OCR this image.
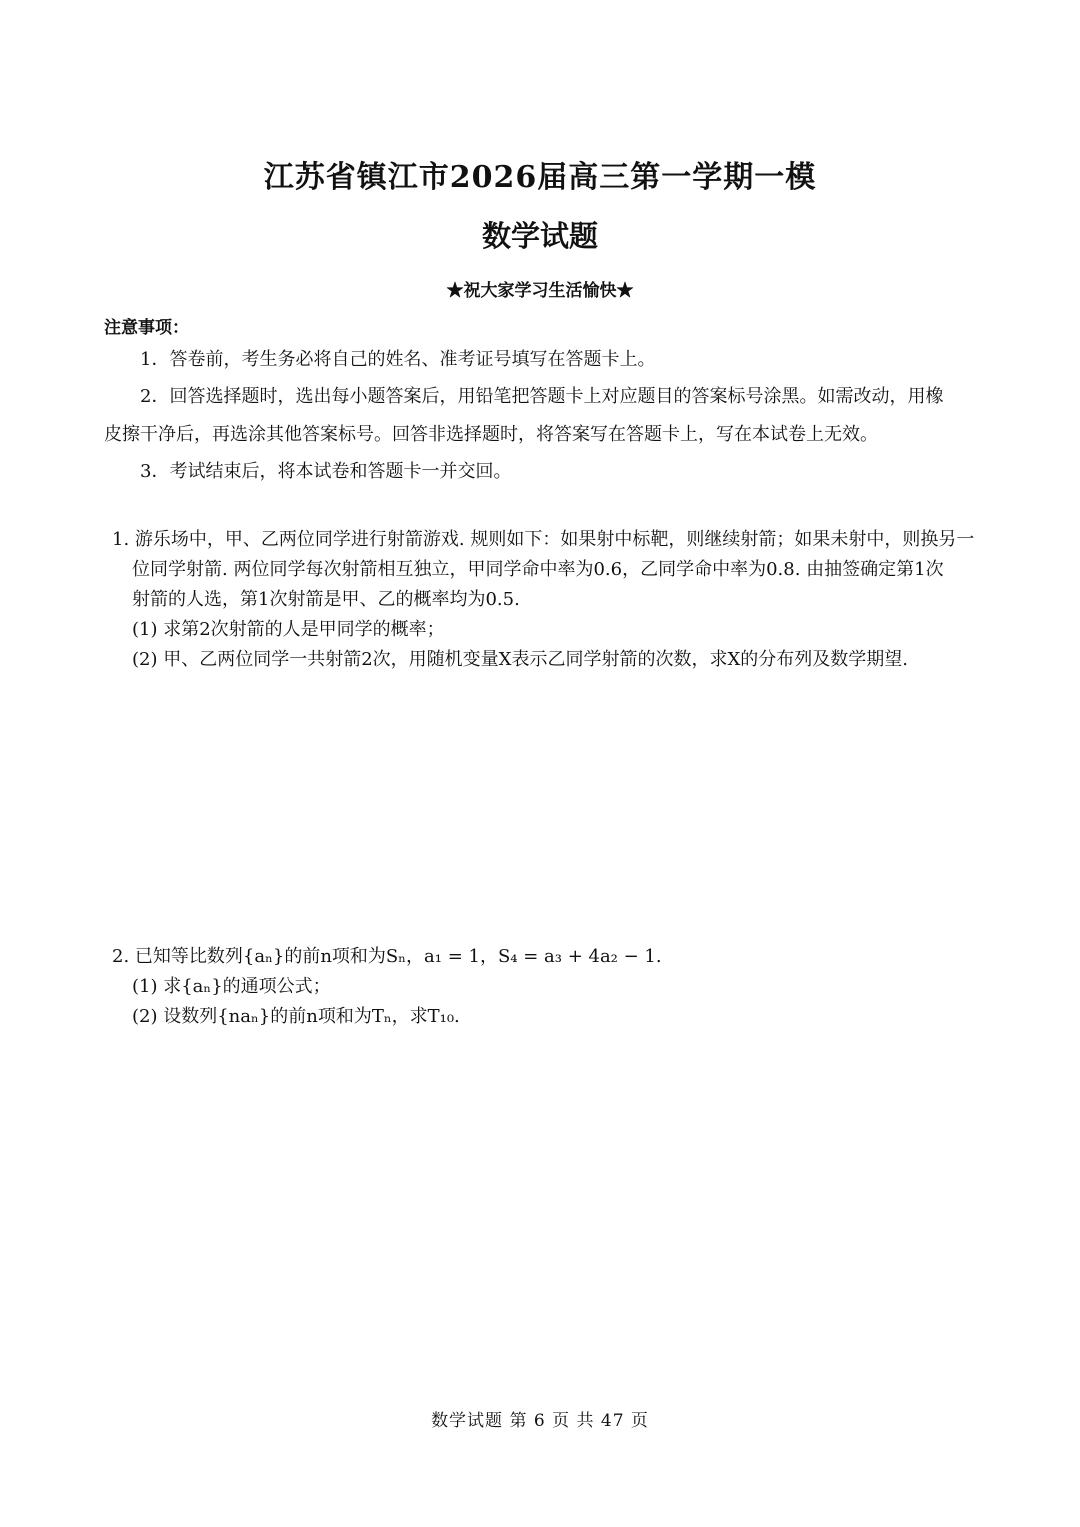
江苏省镇江市2026届高三第一学期一模
数学试题
★祝大家学习生活愉快★
注意事项：
1．答卷前，考生务必将自己的姓名、准考证号填写在答题卡上。
2．回答选择题时，选出每小题答案后，用铅笔把答题卡上对应题目的答案标号涂黑。如需改动，用橡
皮擦干净后，再选涂其他答案标号。回答非选择题时，将答案写在答题卡上，写在本试卷上无效。
3．考试结束后，将本试卷和答题卡一并交回。
1. 游乐场中，甲、乙两位同学进行射箭游戏. 规则如下：如果射中标靶，则继续射箭；如果未射中，则换另一
位同学射箭. 两位同学每次射箭相互独立，甲同学命中率为0.6，乙同学命中率为0.8. 由抽签确定第1次
射箭的人选，第1次射箭是甲、乙的概率均为0.5.
(1) 求第2次射箭的人是甲同学的概率；
(2) 甲、乙两位同学一共射箭2次，用随机变量X表示乙同学射箭的次数，求X的分布列及数学期望.
2. 已知等比数列{aₙ}的前n项和为Sₙ，a₁ = 1，S₄ = a₃ + 4a₂ − 1.
(1) 求{aₙ}的通项公式；
(2) 设数列{naₙ}的前n项和为Tₙ，求T₁₀.
数学试题 第 6 页 共 47 页
